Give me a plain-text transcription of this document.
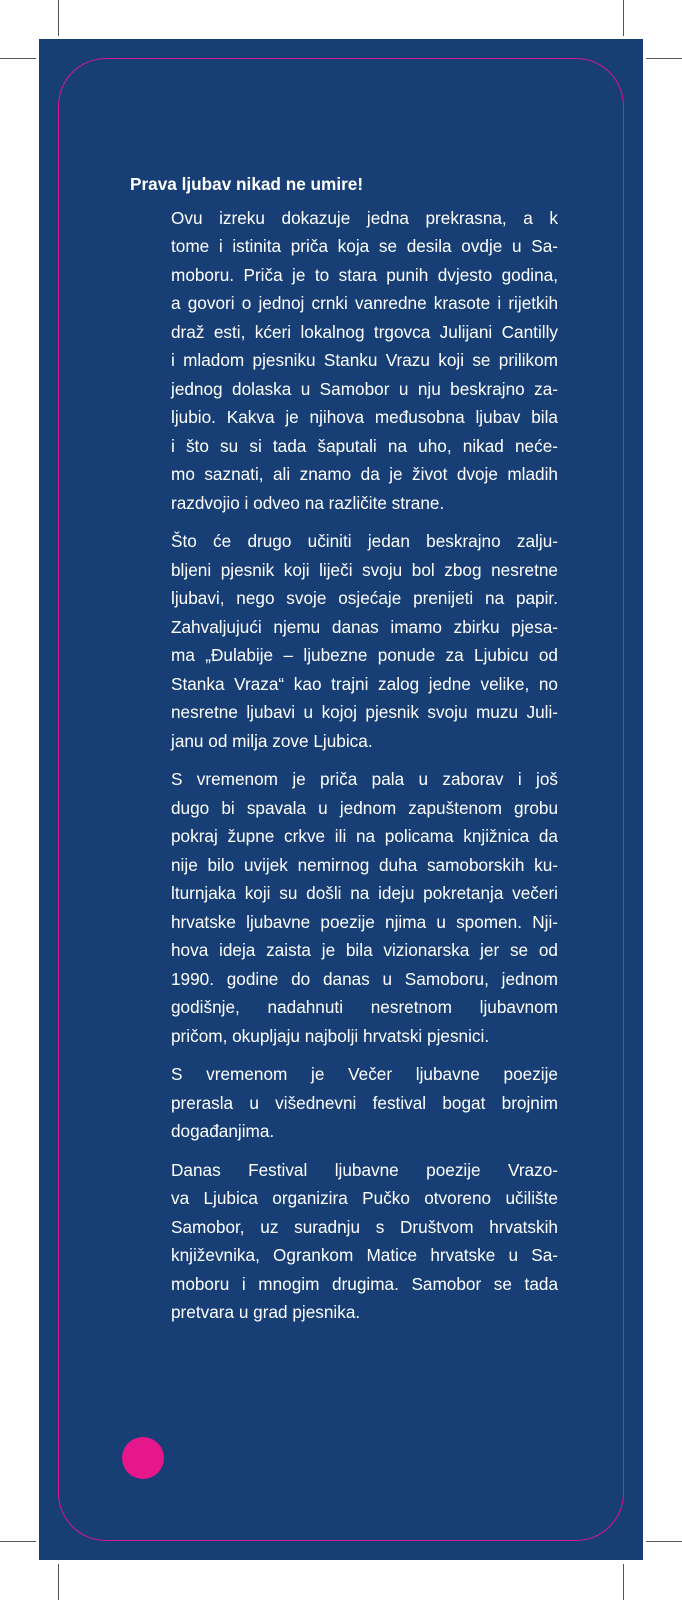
Prava ljubav nikad ne umire!

Ovu izreku dokazuje jedna prekrasna, a k
tome i istinita priča koja se desila ovdje u Sa-
moboru. Priča je to stara punih dvjesto godina,
a govori o jednoj crnki vanredne krasote i rijetkih
draž esti, kćeri lokalnog trgovca Julijani Cantilly
i mladom pjesniku Stanku Vrazu koji se prilikom
jednog dolaska u Samobor u nju beskrajno za-
ljubio. Kakva je njihova međusobna ljubav bila
i što su si tada šaputali na uho, nikad neće-
mo saznati, ali znamo da je život dvoje mladih
razdvojio i odveo na različite strane.

Što će drugo učiniti jedan beskrajno zalju-
bljeni pjesnik koji liječi svoju bol zbog nesretne
ljubavi, nego svoje osjećaje prenijeti na papir.
Zahvaljujući njemu danas imamo zbirku pjesa-
ma „Đulabije – ljubezne ponude za Ljubicu od
Stanka Vraza“ kao trajni zalog jedne velike, no
nesretne ljubavi u kojoj pjesnik svoju muzu Juli-
janu od milja zove Ljubica.

S vremenom je priča pala u zaborav i još
dugo bi spavala u jednom zapuštenom grobu
pokraj župne crkve ili na policama knjižnica da
nije bilo uvijek nemirnog duha samoborskih ku-
lturnjaka koji su došli na ideju pokretanja večeri
hrvatske ljubavne poezije njima u spomen. Nji-
hova ideja zaista je bila vizionarska jer se od
1990. godine do danas u Samoboru, jednom
godišnje, nadahnuti nesretnom ljubavnom
pričom, okupljaju najbolji hrvatski pjesnici.

S vremenom je Večer ljubavne poezije
prerasla u višednevni festival bogat brojnim
događanjima.

Danas Festival ljubavne poezije Vrazo-
va Ljubica organizira Pučko otvoreno učilište
Samobor, uz suradnju s Društvom hrvatskih
književnika, Ogrankom Matice hrvatske u Sa-
moboru i mnogim drugima. Samobor se tada
pretvara u grad pjesnika.
